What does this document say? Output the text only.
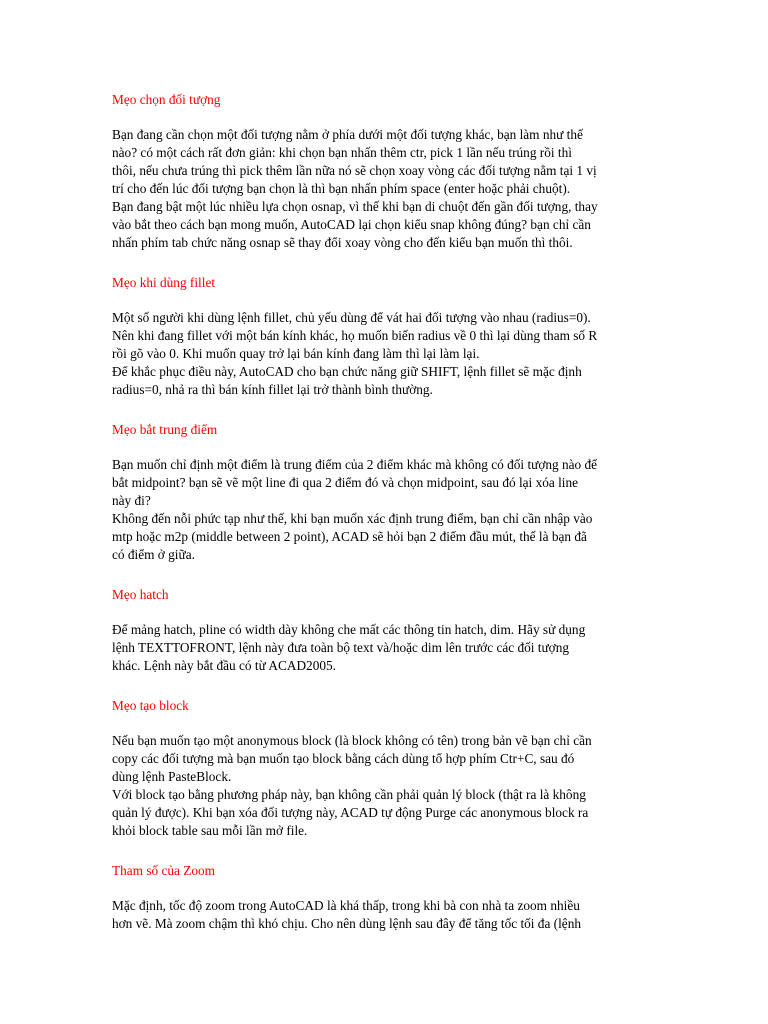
Mẹo chọn đối tượng
Bạn đang cần chọn một đối tượng nằm ở phía dưới một đối tượng khác, bạn làm như thế
nào? có một cách rất đơn giản: khi chọn bạn nhấn thêm ctr, pick 1 lần nếu trúng rồi thì
thôi, nếu chưa trúng thì pick thêm lần nữa nó sẽ chọn xoay vòng các đối tượng nằm tại 1 vị
trí cho đến lúc đối tượng bạn chọn là thì bạn nhấn phím space (enter hoặc phải chuột).
Bạn đang bật một lúc nhiều lựa chọn osnap, vì thế khi bạn di chuột đến gần đối tượng, thay
vào bắt theo cách bạn mong muốn, AutoCAD lại chọn kiểu snap không đúng? bạn chỉ cần
nhấn phím tab chức năng osnap sẽ thay đổi xoay vòng cho đến kiểu bạn muốn thì thôi.
Mẹo khi dùng fillet
Một số người khi dùng lệnh fillet, chủ yếu dùng để vát hai đối tượng vào nhau (radius=0).
Nên khi đang fillet với một bán kính khác, họ muốn biến radius về 0 thì lại dùng tham số R
rồi gõ vào 0. Khi muốn quay trở lại bán kính đang làm thì lại làm lại.
Để khắc phục điều này, AutoCAD cho bạn chức năng giữ SHIFT, lệnh fillet sẽ mặc định
radius=0, nhả ra thì bán kính fillet lại trở thành bình thường.
Mẹo bắt trung điểm
Bạn muốn chỉ định một điểm là trung điểm của 2 điểm khác mà không có đối tượng nào để
bắt midpoint? bạn sẽ vẽ một line đi qua 2 điểm đó và chọn midpoint, sau đó lại xóa line
này đi?
Không đến nỗi phức tạp như thế, khi bạn muốn xác định trung điểm, bạn chỉ cần nhập vào
mtp hoặc m2p (middle between 2 point), ACAD sẽ hỏi bạn 2 điểm đầu mút, thế là bạn đã
có điểm ở giữa.
Mẹo hatch
Để mảng hatch, pline có width dày không che mất các thông tin hatch, dim. Hãy sử dụng
lệnh TEXTTOFRONT, lệnh này đưa toàn bộ text và/hoặc dim lên trước các đối tượng
khác. Lệnh này bắt đầu có từ ACAD2005.
Mẹo tạo block
Nếu bạn muốn tạo một anonymous block (là block không có tên) trong bản vẽ bạn chỉ cần
copy các đối tượng mà bạn muốn tạo block bằng cách dùng tổ hợp phím Ctr+C, sau đó
dùng lệnh PasteBlock.
Với block tạo bằng phương pháp này, bạn không cần phải quản lý block (thật ra là không
quản lý được). Khi bạn xóa đối tượng này, ACAD tự động Purge các anonymous block ra
khỏi block table sau mỗi lần mở file.
Tham số của Zoom
Mặc định, tốc độ zoom trong AutoCAD là khá thấp, trong khi bà con nhà ta zoom nhiều
hơn vẽ. Mà zoom chậm thì khó chịu. Cho nên dùng lệnh sau đây để tăng tốc tối đa (lệnh
